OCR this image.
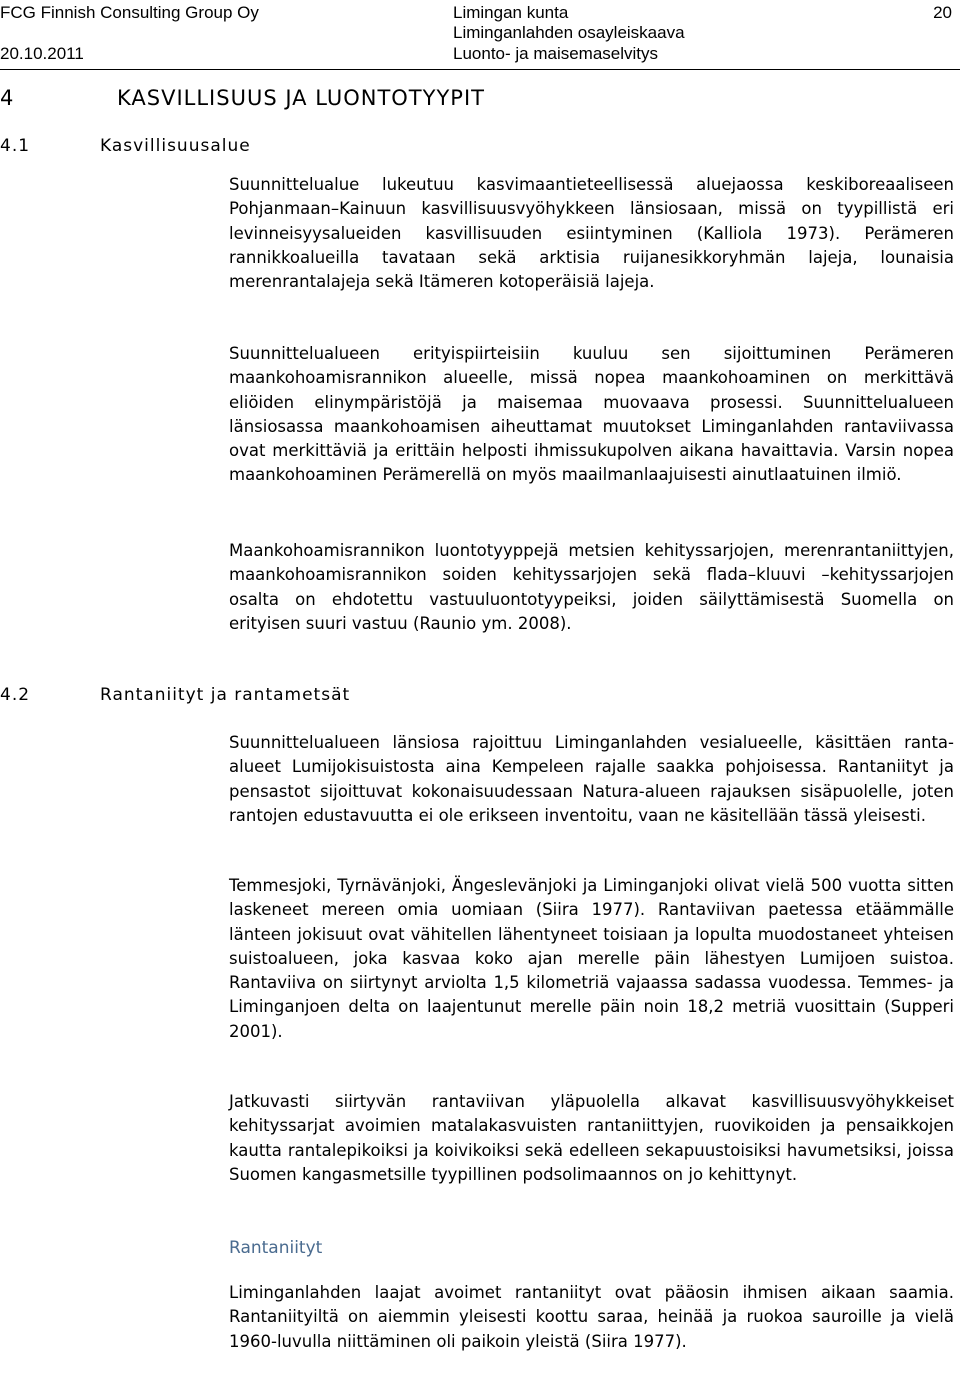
FCG Finnish Consulting Group Oy
20.10.2011
Limingan kunta
Liminganlahden osayleiskaava
Luonto- ja maisemaselvitys
20
4	KASVILLISUUS JA LUONTOTYYPIT
4.1	Kasvillisuusalue

Suunnittelualue lukeutuu kasvimaantieteellisessä aluejaossa keskiboreaaliseen Pohjanmaan–Kainuun kasvillisuusvyöhykkeen länsiosaan, missä on tyypillistä eri levinneisyysalueiden kasvillisuuden esiintyminen (Kalliola 1973). Perämeren rannikkoalueilla tavataan sekä arktisia ruijanesikkoryhmän lajeja, lounaisia merenrantalajeja sekä Itämeren kotoperäisiä lajeja.

Suunnittelualueen erityispiirteisiin kuuluu sen sijoittuminen Perämeren maankohoamisrannikon alueelle, missä nopea maankohoaminen on merkittävä eliöiden elinympäristöjä ja maisemaa muovaava prosessi. Suunnittelualueen länsiosassa maankohoamisen aiheuttamat muutokset Liminganlahden rantaviivassa ovat merkittäviä ja erittäin helposti ihmissukupolven aikana havaittavia. Varsin nopea maankohoaminen Perämerellä on myös maailmanlaajuisesti ainutlaatuinen ilmiö.

Maankohoamisrannikon luontotyyppejä metsien kehityssarjojen, merenrantaniittyjen, maankohoamisrannikon soiden kehityssarjojen sekä flada–kluuvi –kehityssarjojen osalta on ehdotettu vastuuluontotyypeiksi, joiden säilyttämisestä Suomella on erityisen suuri vastuu (Raunio ym. 2008).

4.2	Rantaniityt ja rantametsät

Suunnittelualueen länsiosa rajoittuu Liminganlahden vesialueelle, käsittäen ranta-alueet Lumijokisuistosta aina Kempeleen rajalle saakka pohjoisessa. Rantaniityt ja pensastot sijoittuvat kokonaisuudessaan Natura-alueen rajauksen sisäpuolelle, joten rantojen edustavuutta ei ole erikseen inventoitu, vaan ne käsitellään tässä yleisesti.

Temmesjoki, Tyrnävänjoki, Ängeslevänjoki ja Liminganjoki olivat vielä 500 vuotta sitten laskeneet mereen omia uomiaan (Siira 1977). Rantaviivan paetessa etäämmälle länteen jokisuut ovat vähitellen lähentyneet toisiaan ja lopulta muodostaneet yhteisen suistoalueen, joka kasvaa koko ajan merelle päin lähestyen Lumijoen suistoa. Rantaviiva on siirtynyt arviolta 1,5 kilometriä vajaassa sadassa vuodessa. Temmes- ja Liminganjoen delta on laajentunut merelle päin noin 18,2 metriä vuosittain (Supperi 2001).

Jatkuvasti siirtyvän rantaviivan yläpuolella alkavat kasvillisuusvyöhykkeiset kehityssarjat avoimien matalakasvuisten rantaniittyjen, ruovikoiden ja pensaikkojen kautta rantalepikoiksi ja koivikoiksi sekä edelleen sekapuustoisiksi havumetsiksi, joissa Suomen kangasmetsille tyypillinen podsolimaannos on jo kehittynyt.

Rantaniityt

Liminganlahden laajat avoimet rantaniityt ovat pääosin ihmisen aikaan saamia. Rantaniityiltä on aiemmin yleisesti koottu saraa, heinää ja ruokoa sauroille ja vielä 1960-luvulla niittäminen oli paikoin yleistä (Siira 1977).
